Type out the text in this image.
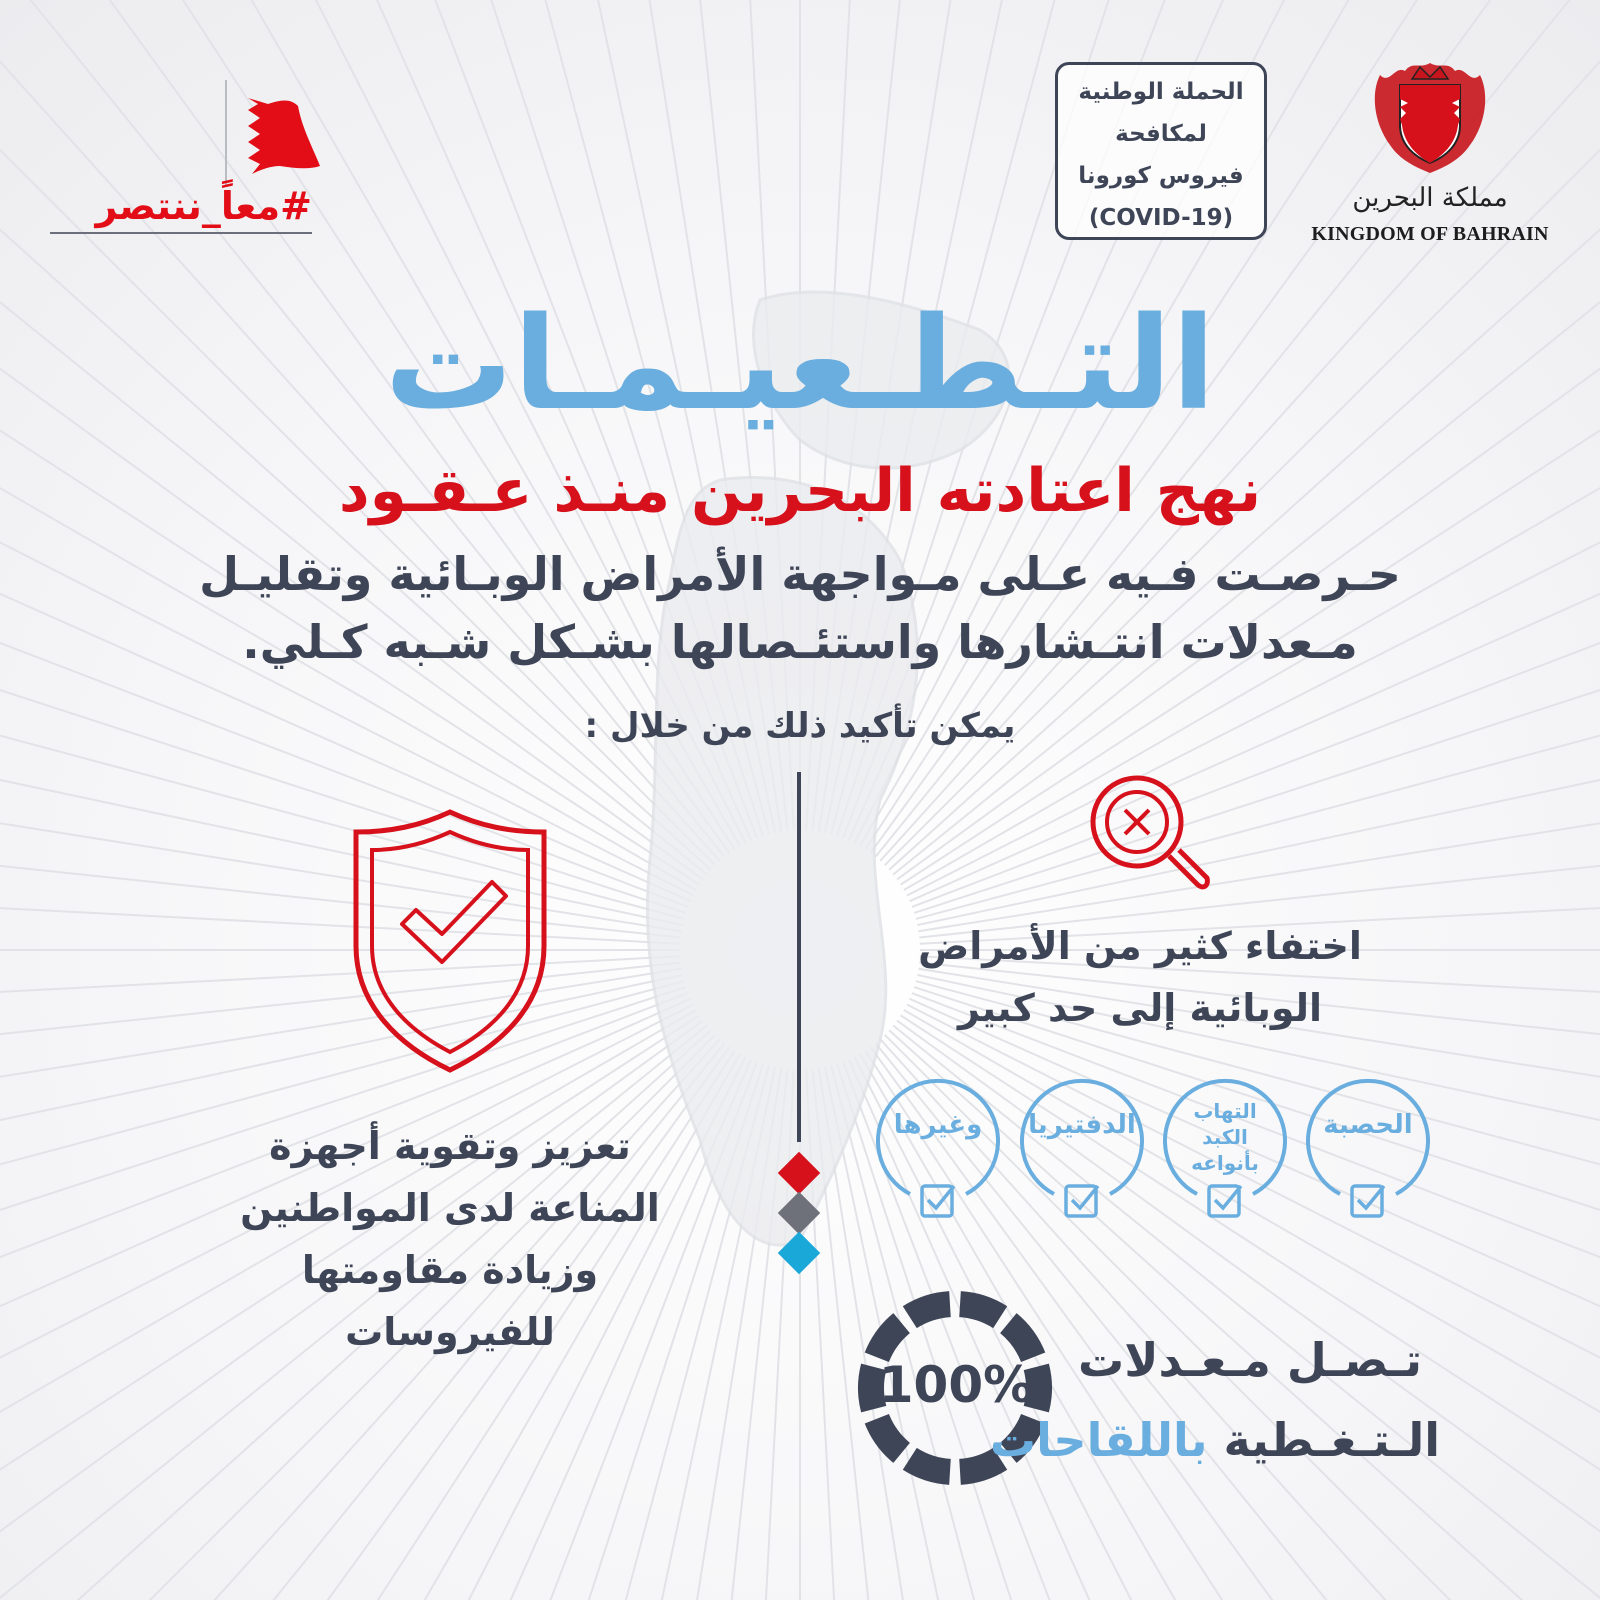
#معاً_ننتصر
الحملة الوطنية
لمكافحة
فيروس كورونا
(COVID-19)
مملكة البحرين
KINGDOM OF BAHRAIN
التـطـعيـمـات
نهج اعتادته البحرين منـذ عـقـود
حـرصـت فـيه عـلى مـواجهة الأمراض الوبـائية وتقليـل
مـعدلات انتـشارها واستئـصالها بشـكل شـبه كـلي.
يمكن تأكيد ذلك من خلال :
اختفاء كثير من الأمراض
الوبائية إلى حد كبير
الحصبة
التهاب
الكبد
بأنواعه
الدفتيريا
وغيرها
100% تـصـل مـعـدلات
الـتـغـطية باللقاحات
تعزيز وتقوية أجهزة
المناعة لدى المواطنين
وزيادة مقاومتها
للفيروسات
